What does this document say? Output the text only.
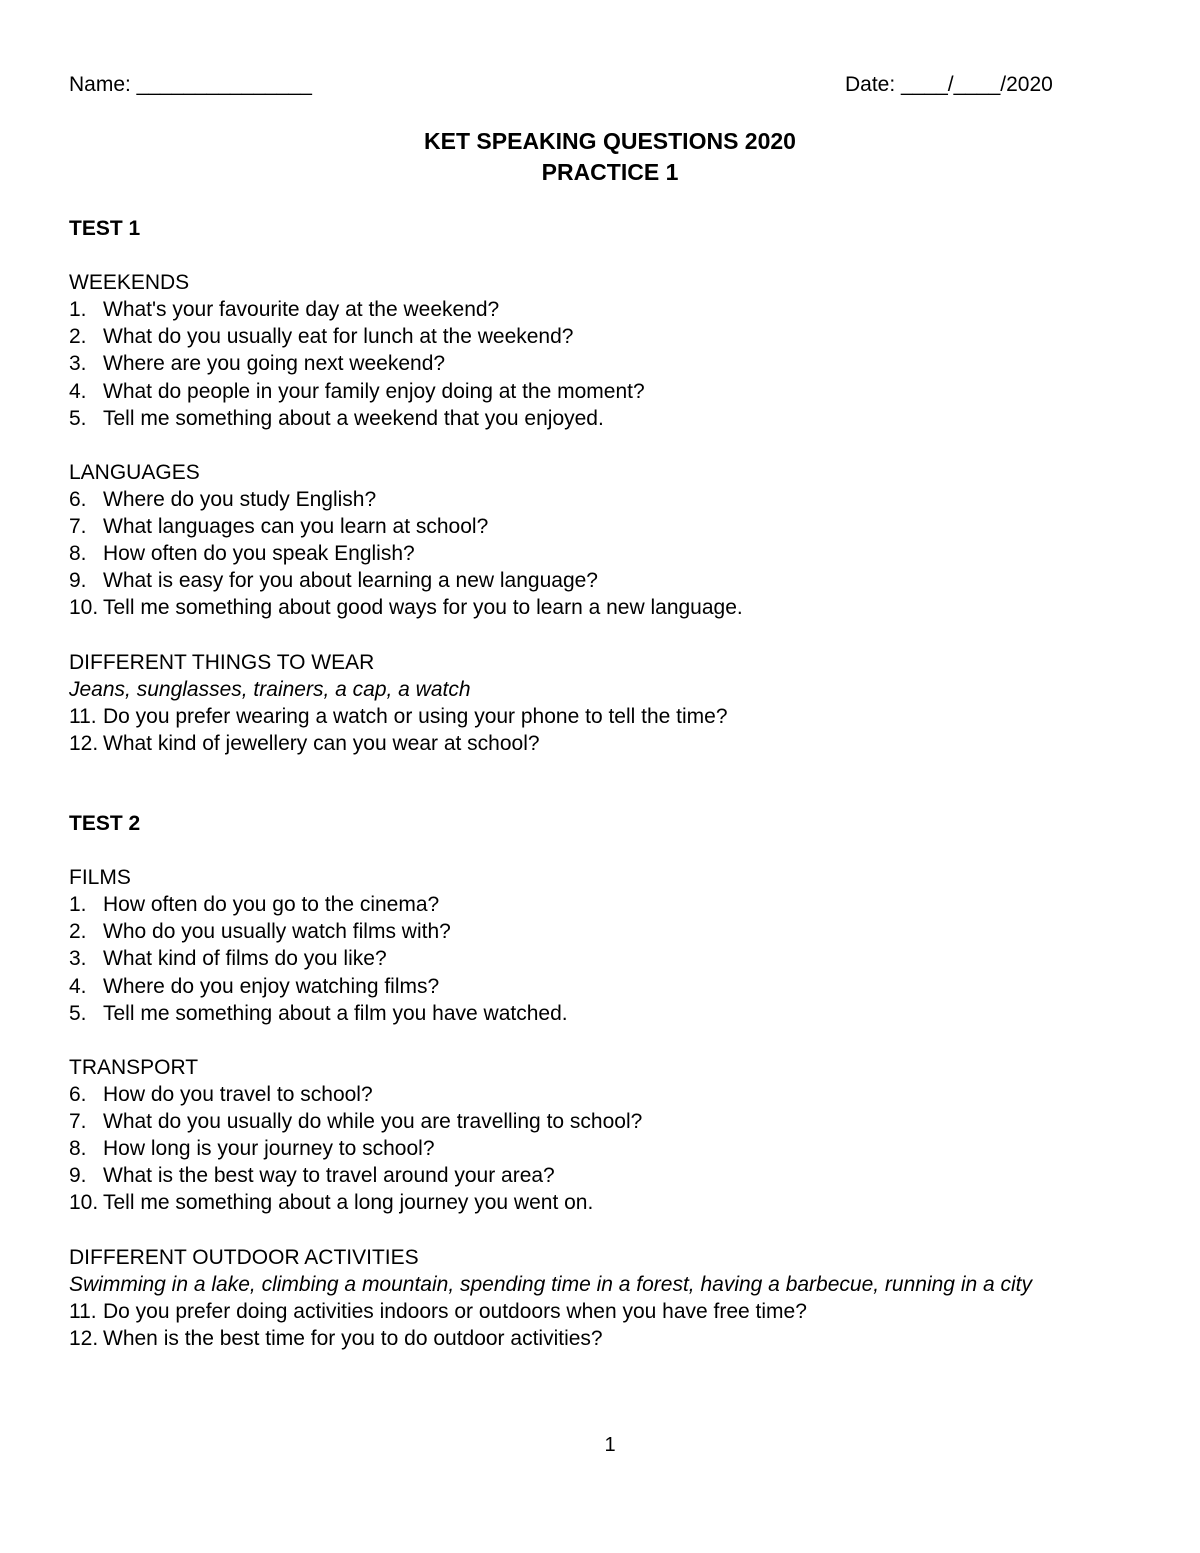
Name: _______________	Date: ____/____/2020
KET SPEAKING QUESTIONS 2020
PRACTICE 1
TEST 1
WEEKENDS
1. What's your favourite day at the weekend?
2. What do you usually eat for lunch at the weekend?
3. Where are you going next weekend?
4. What do people in your family enjoy doing at the moment?
5. Tell me something about a weekend that you enjoyed.
LANGUAGES
6. Where do you study English?
7. What languages can you learn at school?
8. How often do you speak English?
9. What is easy for you about learning a new language?
10. Tell me something about good ways for you to learn a new language.
DIFFERENT THINGS TO WEAR
Jeans, sunglasses, trainers, a cap, a watch
11. Do you prefer wearing a watch or using your phone to tell the time?
12. What kind of jewellery can you wear at school?
TEST 2
FILMS
1. How often do you go to the cinema?
2. Who do you usually watch films with?
3. What kind of films do you like?
4. Where do you enjoy watching films?
5. Tell me something about a film you have watched.
TRANSPORT
6. How do you travel to school?
7. What do you usually do while you are travelling to school?
8. How long is your journey to school?
9. What is the best way to travel around your area?
10. Tell me something about a long journey you went on.
DIFFERENT OUTDOOR ACTIVITIES
Swimming in a lake, climbing a mountain, spending time in a forest, having a barbecue, running in a city
11. Do you prefer doing activities indoors or outdoors when you have free time?
12. When is the best time for you to do outdoor activities?
1
